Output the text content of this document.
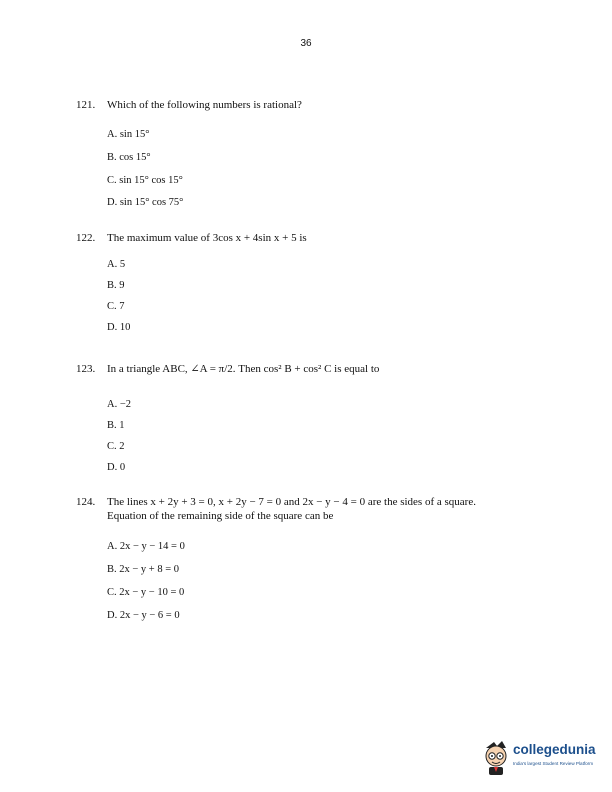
36
121. Which of the following numbers is rational?
A. sin 15°
B. cos 15°
C. sin 15° cos 15°
D. sin 15° cos 75°
122. The maximum value of 3cos x + 4sin x + 5 is
A. 5
B. 9
C. 7
D. 10
123. In a triangle ABC, ∠A = π/2. Then cos² B + cos² C is equal to
A. −2
B. 1
C. 2
D. 0
124. The lines x + 2y + 3 = 0, x + 2y − 7 = 0 and 2x − y − 4 = 0 are the sides of a square.
Equation of the remaining side of the square can be
A. 2x − y − 14 = 0
B. 2x − y + 8 = 0
C. 2x − y − 10 = 0
D. 2x − y − 6 = 0
collegedunia
India's largest Student Review Platform
